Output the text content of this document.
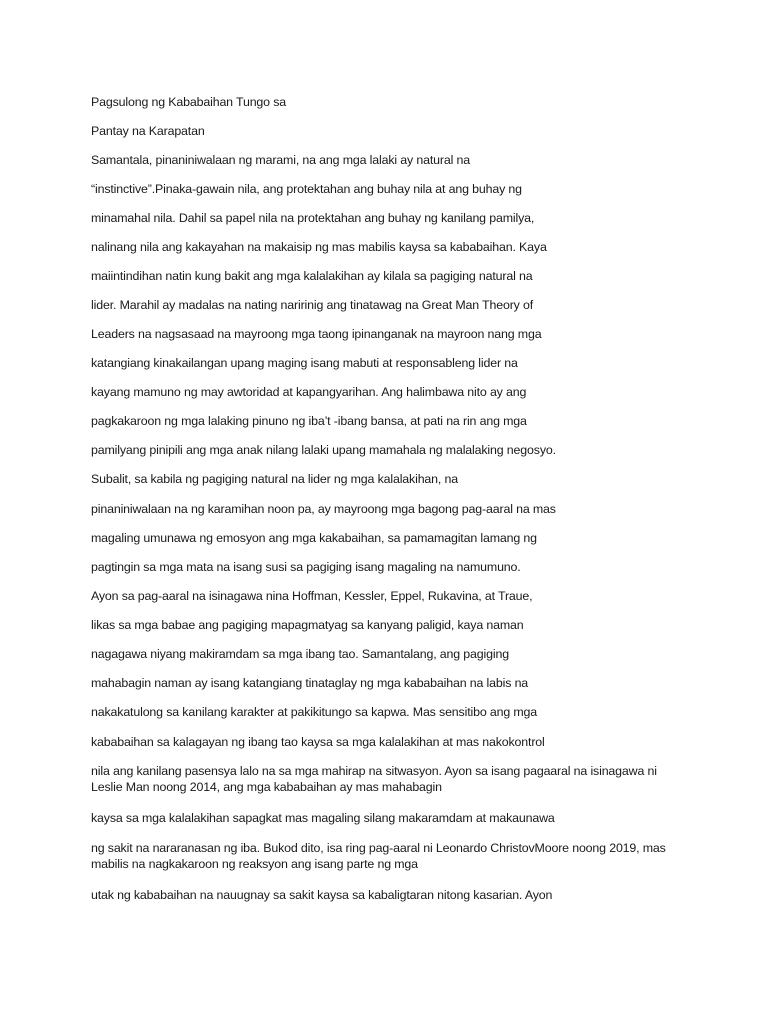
Pagsulong ng Kababaihan Tungo sa
Pantay na Karapatan
Samantala, pinaniniwalaan ng marami, na ang mga lalaki ay natural na
“instinctive”.Pinaka-gawain nila, ang protektahan ang buhay nila at ang buhay ng
minamahal nila. Dahil sa papel nila na protektahan ang buhay ng kanilang pamilya,
nalinang nila ang kakayahan na makaisip ng mas mabilis kaysa sa kababaihan. Kaya
maiintindihan natin kung bakit ang mga kalalakihan ay kilala sa pagiging natural na
lider. Marahil ay madalas na nating naririnig ang tinatawag na Great Man Theory of
Leaders na nagsasaad na mayroong mga taong ipinanganak na mayroon nang mga
katangiang kinakailangan upang maging isang mabuti at responsableng lider na
kayang mamuno ng may awtoridad at kapangyarihan. Ang halimbawa nito ay ang
pagkakaroon ng mga lalaking pinuno ng iba’t -ibang bansa, at pati na rin ang mga
pamilyang pinipili ang mga anak nilang lalaki upang mamahala ng malalaking negosyo.
Subalit, sa kabila ng pagiging natural na lider ng mga kalalakihan, na
pinaniniwalaan na ng karamihan noon pa, ay mayroong mga bagong pag-aaral na mas
magaling umunawa ng emosyon ang mga kakabaihan, sa pamamagitan lamang ng
pagtingin sa mga mata na isang susi sa pagiging isang magaling na namumuno.
Ayon sa pag-aaral na isinagawa nina Hoffman, Kessler, Eppel, Rukavina, at Traue,
likas sa mga babae ang pagiging mapagmatyag sa kanyang paligid, kaya naman
nagagawa niyang makiramdam sa mga ibang tao. Samantalang, ang pagiging
mahabagin naman ay isang katangiang tinataglay ng mga kababaihan na labis na
nakakatulong sa kanilang karakter at pakikitungo sa kapwa. Mas sensitibo ang mga
kababaihan sa kalagayan ng ibang tao kaysa sa mga kalalakihan at mas nakokontrol
nila ang kanilang pasensya lalo na sa mga mahirap na sitwasyon. Ayon sa isang pagaaral na isinagawa ni Leslie Man noong 2014, ang mga kababaihan ay mas mahabagin
kaysa sa mga kalalakihan sapagkat mas magaling silang makaramdam at makaunawa
ng sakit na nararanasan ng iba. Bukod dito, isa ring pag-aaral ni Leonardo ChristovMoore noong 2019, mas mabilis na nagkakaroon ng reaksyon ang isang parte ng mga
utak ng kababaihan na nauugnay sa sakit kaysa sa kabaligtaran nitong kasarian. Ayon
